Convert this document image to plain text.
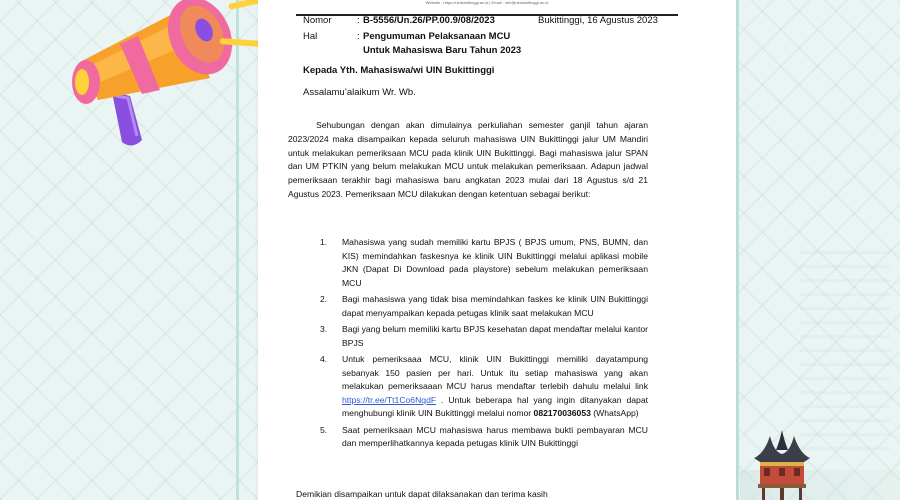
Website : https://uinbukittinggi.ac.id | Email : info@uinbukittinggi.ac.id
Nomor	: B-5556/Un.26/PP.00.9/08/2023	Bukittinggi, 16 Agustus 2023
Hal	: Pengumuman Pelaksanaan MCU
Untuk Mahasiswa Baru Tahun 2023
Kepada Yth. Mahasiswa/wi UIN Bukittinggi
Assalamu’alaikum Wr. Wb.

Sehubungan dengan akan dimulainya perkuliahan semester ganjil tahun ajaran 2023/2024 maka disampaikan kepada seluruh mahasiswa UIN Bukittinggi jalur UM Mandiri untuk melakukan pemeriksaan MCU pada klinik UIN Bukittinggi. Bagi mahasiswa jalur SPAN dan UM PTKIN yang belum melakukan MCU untuk melakukan pemeriksaan. Adapun jadwal pemeriksaan terakhir bagi mahasiswa baru angkatan 2023 mulai dari 18 Agustus s/d 21 Agustus 2023. Pemeriksaan MCU dilakukan dengan ketentuan sebagai berikut:

1. Mahasiswa yang sudah memiliki kartu BPJS ( BPJS umum, PNS, BUMN, dan KIS) memindahkan faskesnya ke klinik UIN Bukittinggi melalui aplikasi mobile JKN (Dapat Di Download pada playstore) sebelum melakukan pemeriksaan MCU
2. Bagi mahasiswa yang tidak bisa memindahkan faskes ke klinik UIN Bukittinggi dapat menyampaikan kepada petugas klinik saat melakukan MCU
3. Bagi yang belum memiliki kartu BPJS kesehatan dapat mendaftar melalui kantor BPJS
4. Untuk pemeriksaaa MCU, klinik UIN Bukittinggi memiliki dayatampung sebanyak 150 pasien per hari. Untuk itu setiap mahasiswa yang akan melakukan pemeriksaaan MCU harus mendaftar terlebih dahulu melalui link https://tr.ee/Tt1Co6NqdF . Untuk beberapa hal yang ingin ditanyakan dapat menghubungi klinik UIN Bukittinggi melalui nomor 082170036053 (WhatsApp)
5. Saat pemeriksaan MCU mahasiswa harus membawa bukti pembayaran MCU dan memperlihatkannya kepada petugas klinik UIN Bukittinggi
Demikian disampaikan untuk dapat dilaksanakan dan terima kasih
